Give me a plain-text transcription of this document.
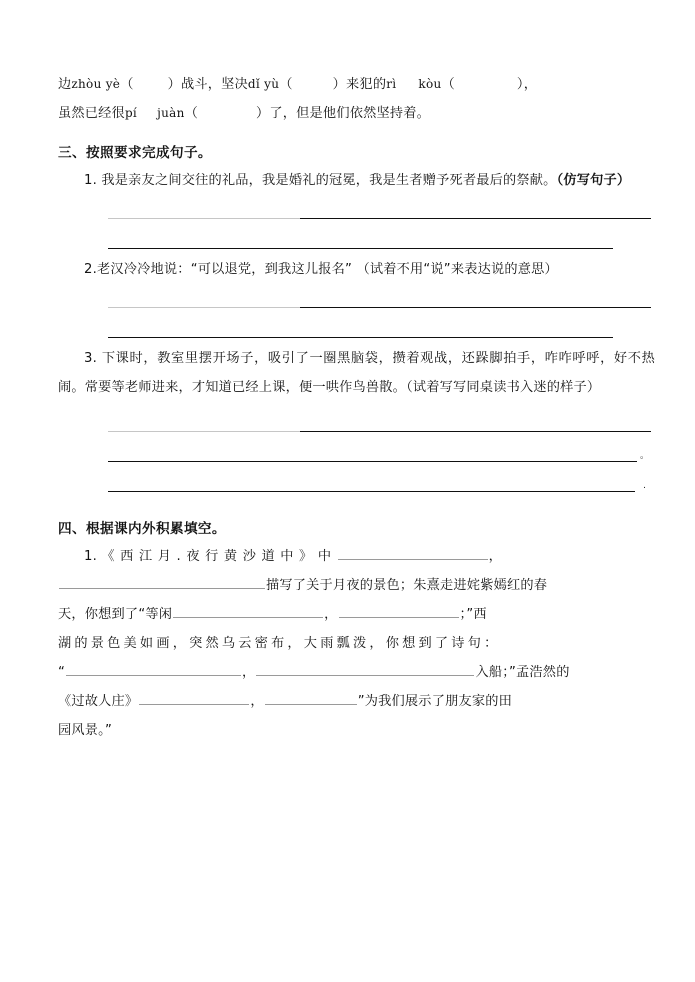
边zhòu yè（	）战斗，坚决dǐ yù（	）来犯的rì kòu（	），
虽然已经很pí juàn（	）了，但是他们依然坚持着。
三、按照要求完成句子。
1. 我是亲友之间交往的礼品，我是婚礼的冠冕，我是生者赠予死者最后的祭献。（仿写句子）
2.老汉冷冷地说：“可以退党，到我这儿报名” （试着不用“说”来表达说的意思）
3. 下课时，教室里摆开场子，吸引了一圈黑脑袋，攒着观战，还跺脚拍手，咋咋呼呼，好不热闹。常要等老师进来，才知道已经上课，便一哄作鸟兽散。（试着写写同桌读书入迷的样子）
。
.
四、根据课内外积累填空。
1. 《西江月.夜行黄沙道中》中	，
描写了关于月夜的景色；朱熹走进姹紫嫣红的春
天，你想到了“等闲	，	；”西
湖的景色美如画，突然乌云密布，大雨瓢泼，你想到了诗句：
“	，	入船；”孟浩然的
《过故人庄》	，	”为我们展示了朋友家的田
园风景。”
